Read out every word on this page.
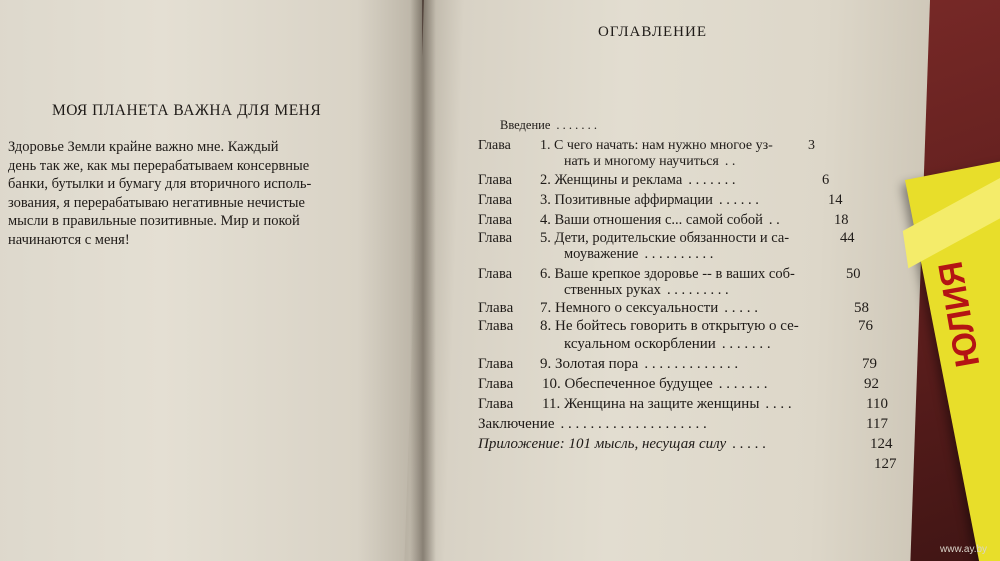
ЮЛИЯ
МОЯ ПЛАНЕТА ВАЖНА ДЛЯ МЕНЯ
Здоровье Земли крайне важно мне. Каждый
день так же, как мы перерабатываем консервные
банки, бутылки и бумагу для вторичного исполь-
зования, я перерабатываю негативные нечистые
мысли в правильные позитивные. Мир и покой
начинаются с меня!
ОГЛАВЛЕНИЕ
Введение . . . . . . .
Глава 1. С чего начать: нам нужно многое уз-	3
нать и многому научиться . .
Глава 2. Женщины и реклама . . . . . . .	6
Глава 3. Позитивные аффирмации . . . . . .	14
Глава 4. Ваши отношения с... самой собой . .	18
Глава 5. Дети, родительские обязанности и са-	44
моуважение . . . . . . . . . .
Глава 6. Ваше крепкое здоровье -- в ваших соб-	50
ственных руках . . . . . . . . .
Глава 7. Немного о сексуальности . . . . .	58
Глава 8. Не бойтесь говорить в открытую о се-	76
ксуальном оскорблении . . . . . . .
Глава 9. Золотая пора . . . . . . . . . . . . .	79
Глава 10. Обеспеченное будущее . . . . . . .	92
Глава 11. Женщина на защите женщины . . . .	110
Заключение . . . . . . . . . . . . . . . . . . . .	117
Приложение: 101 мысль, несущая силу . . . . .	124
127
www.ay.by
